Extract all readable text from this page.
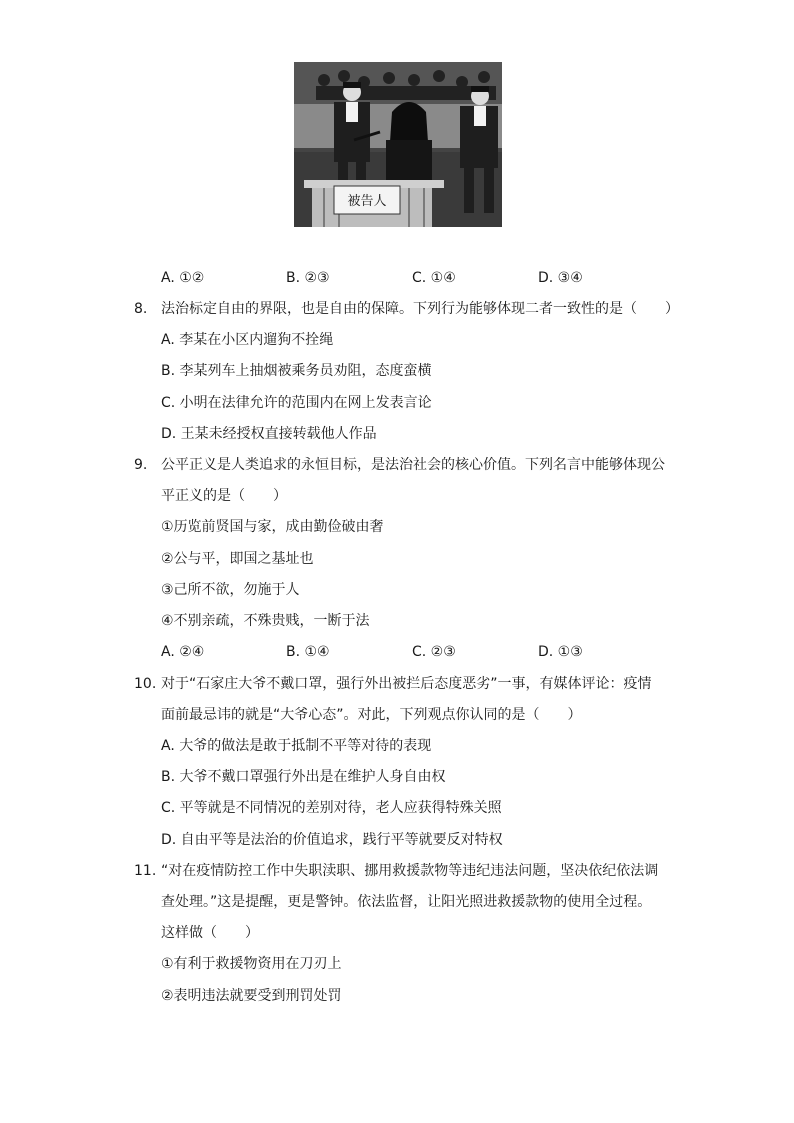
被告人
A. ①②	B. ②③	C. ①④	D. ③④
8. 法治标定自由的界限，也是自由的保障。下列行为能够体现二者一致性的是（　　）
A. 李某在小区内遛狗不拴绳
B. 李某列车上抽烟被乘务员劝阻，态度蛮横
C. 小明在法律允许的范围内在网上发表言论
D. 王某未经授权直接转载他人作品
9. 公平正义是人类追求的永恒目标，是法治社会的核心价值。下列名言中能够体现公
平正义的是（　　）
①历览前贤国与家，成由勤俭破由奢
②公与平，即国之基址也
③己所不欲，勿施于人
④不别亲疏，不殊贵贱，一断于法
A. ②④	B. ①④	C. ②③	D. ①③
10. 对于“石家庄大爷不戴口罩，强行外出被拦后态度恶劣”一事，有媒体评论：疫情
面前最忌讳的就是“大爷心态”。对此，下列观点你认同的是（　　）
A. 大爷的做法是敢于抵制不平等对待的表现
B. 大爷不戴口罩强行外出是在维护人身自由权
C. 平等就是不同情况的差别对待，老人应获得特殊关照
D. 自由平等是法治的价值追求，践行平等就要反对特权
11. “对在疫情防控工作中失职渎职、挪用救援款物等违纪违法问题，坚决依纪依法调
查处理。”这是提醒，更是警钟。依法监督，让阳光照进救援款物的使用全过程。
这样做（　　）
①有利于救援物资用在刀刃上
②表明违法就要受到刑罚处罚
